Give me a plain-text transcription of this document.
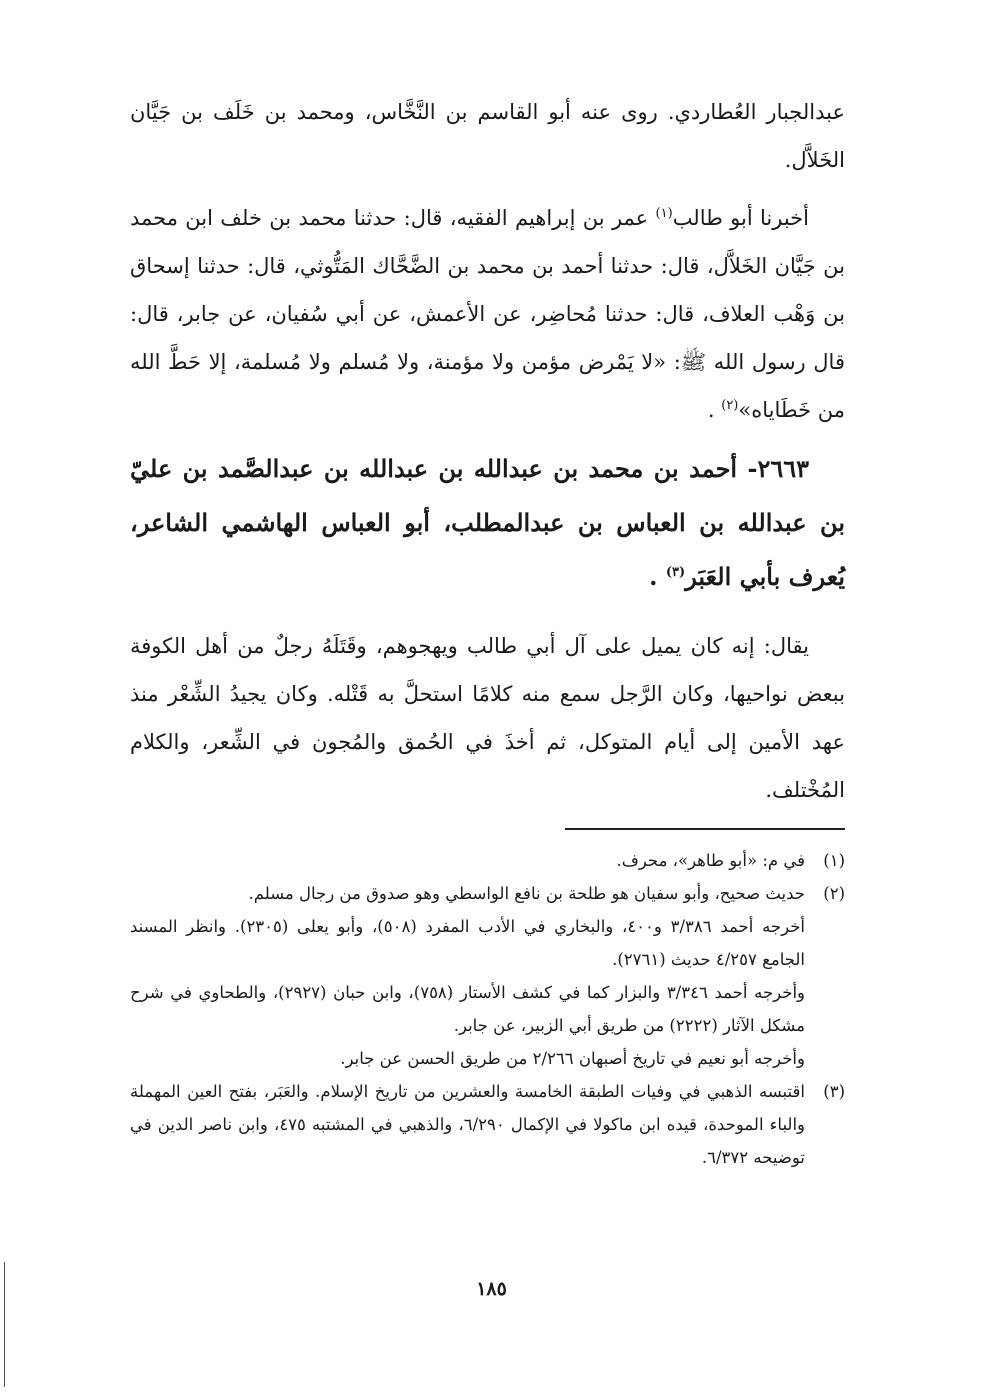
عبدالجبار العُطاردي. روى عنه أبو القاسم بن النَّخَّاس، ومحمد بن خَلَف بن جَيَّان الخَلاَّل.

أخبرنا أبو طالب$^{(١)}$ عمر بن إبراهيم الفقيه، قال: حدثنا محمد بن خلف ابن محمد بن جَيَّان الخَلاَّل، قال: حدثنا أحمد بن محمد بن الضَّحَّاك المَتُّوثي، قال: حدثنا إسحاق بن وَهْب العلاف، قال: حدثنا مُحاضِر، عن الأعمش، عن أبي سُفيان، عن جابر، قال: قال رسول الله ﷺ: «لا يَمْرض مؤمن ولا مؤمنة، ولا مُسلم ولا مُسلمة، إلا حَطَّ الله من خَطَاياه»$^{(٢)}$ .

٢٦٦٣- أحمد بن محمد بن عبدالله بن عبدالله بن عبدالصَّمد بن عليّ بن عبدالله بن العباس بن عبدالمطلب، أبو العباس الهاشمي الشاعر، يُعرف بأبي العَبَر$^{(٣)}$ .

يقال: إنه كان يميل على آل أبي طالب ويهجوهم، وقَتَلَهُ رجلٌ من أهل الكوفة ببعض نواحيها، وكان الرَّجل سمع منه كلامًا استحلَّ به قَتْله. وكان يجيدُ الشِّعْر منذ عهد الأمين إلى أيام المتوكل، ثم أخذَ في الحُمق والمُجون في الشِّعر، والكلام المُخْتلف.

(١)
في م: «أبو طاهر»، محرف.
(٢)
حديث صحيح، وأبو سفيان هو طلحة بن نافع الواسطي وهو صدوق من رجال مسلم.
أخرجه أحمد ٣/٣٨٦ و٤٠٠، والبخاري في الأدب المفرد (٥٠٨)، وأبو يعلى (٢٣٠٥). وانظر المسند الجامع ٤/٢٥٧ حديث (٢٧٦١).
وأخرجه أحمد ٣/٣٤٦ والبزار كما في كشف الأستار (٧٥٨)، وابن حبان (٢٩٢٧)، والطحاوي في شرح مشكل الآثار (٢٢٢٢) من طريق أبي الزبير، عن جابر.
وأخرجه أبو نعيم في تاريخ أصبهان ٢/٢٦٦ من طريق الحسن عن جابر.
(٣)
اقتبسه الذهبي في وفيات الطبقة الخامسة والعشرين من تاريخ الإسلام. والعَبَر، بفتح العين المهملة والباء الموحدة، قيده ابن ماكولا في الإكمال ٦/٢٩٠، والذهبي في المشتبه ٤٧٥، وابن ناصر الدين في توضيحه ٦/٣٧٢.
١٨٥
